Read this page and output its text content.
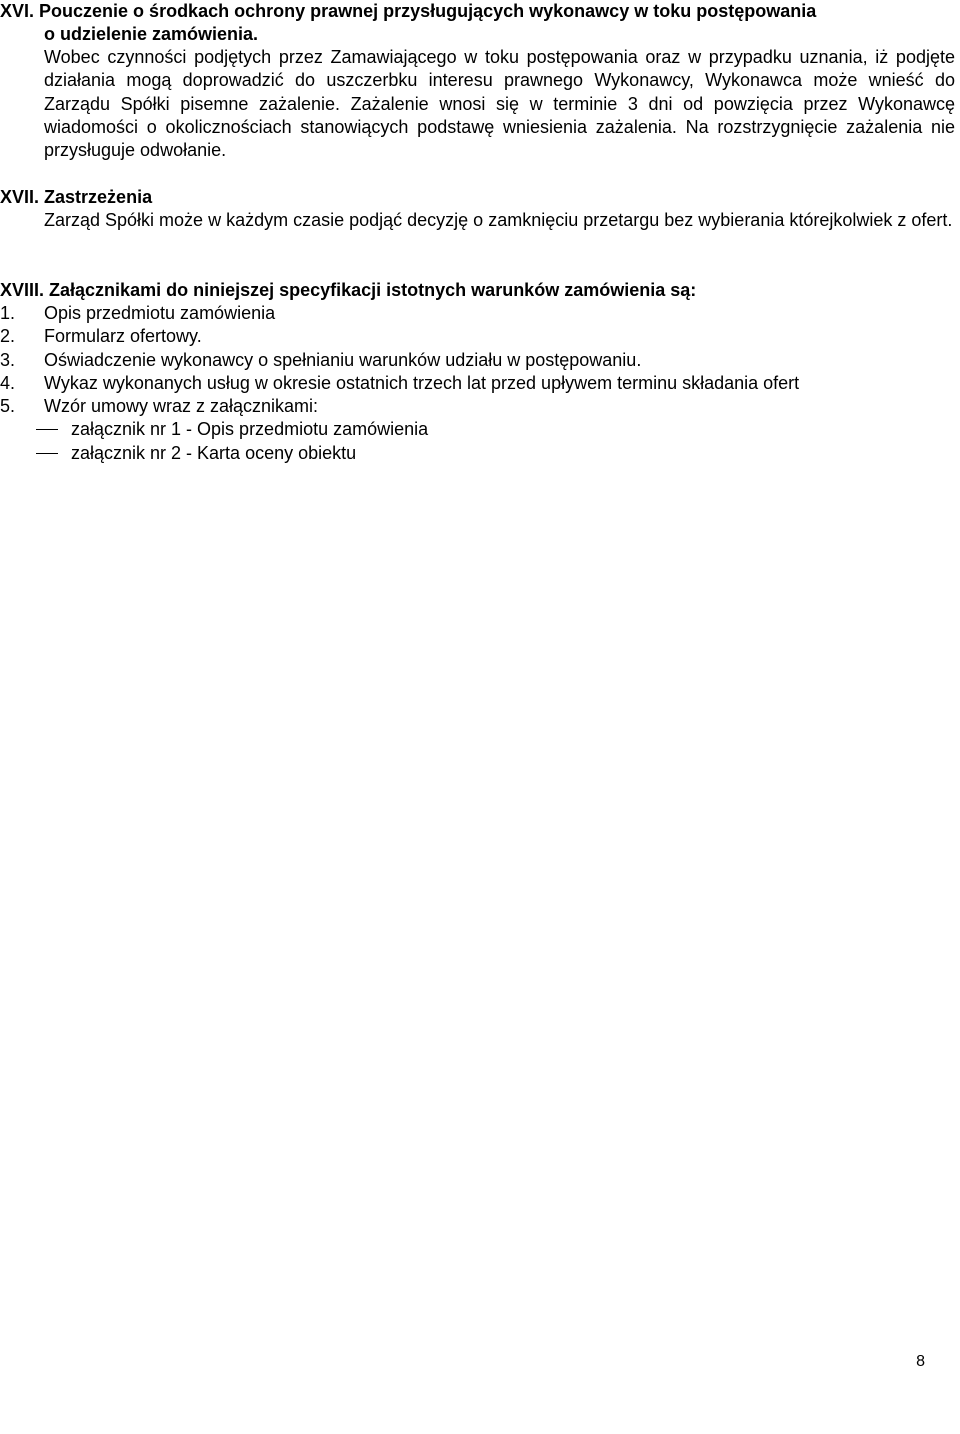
XVI. Pouczenie o środkach ochrony prawnej przysługujących wykonawcy w toku postępowania

o udzielenie zamówienia.

Wobec czynności podjętych przez Zamawiającego w toku postępowania oraz w przypadku uznania, iż podjęte działania mogą doprowadzić do uszczerbku interesu prawnego Wykonawcy, Wykonawca może wnieść do Zarządu Spółki pisemne zażalenie. Zażalenie wnosi się w terminie 3 dni od powzięcia przez Wykonawcę wiadomości o okolicznościach stanowiących podstawę wniesienia zażalenia. Na rozstrzygnięcie zażalenia nie przysługuje odwołanie.

XVII. Zastrzeżenia

Zarząd Spółki może w każdym czasie podjąć decyzję o zamknięciu przetargu bez wybierania którejkolwiek z ofert.

XVIII. Załącznikami do niniejszej specyfikacji istotnych warunków zamówienia są:

1. Opis przedmiotu zamówienia
2. Formularz ofertowy.
3. Oświadczenie wykonawcy o spełnianiu warunków udziału w postępowaniu.
4. Wykaz wykonanych usług w okresie ostatnich trzech lat przed upływem terminu składania ofert
5. Wzór umowy wraz z załącznikami:
załącznik nr 1 - Opis przedmiotu zamówienia
załącznik nr 2 - Karta oceny obiektu
8
